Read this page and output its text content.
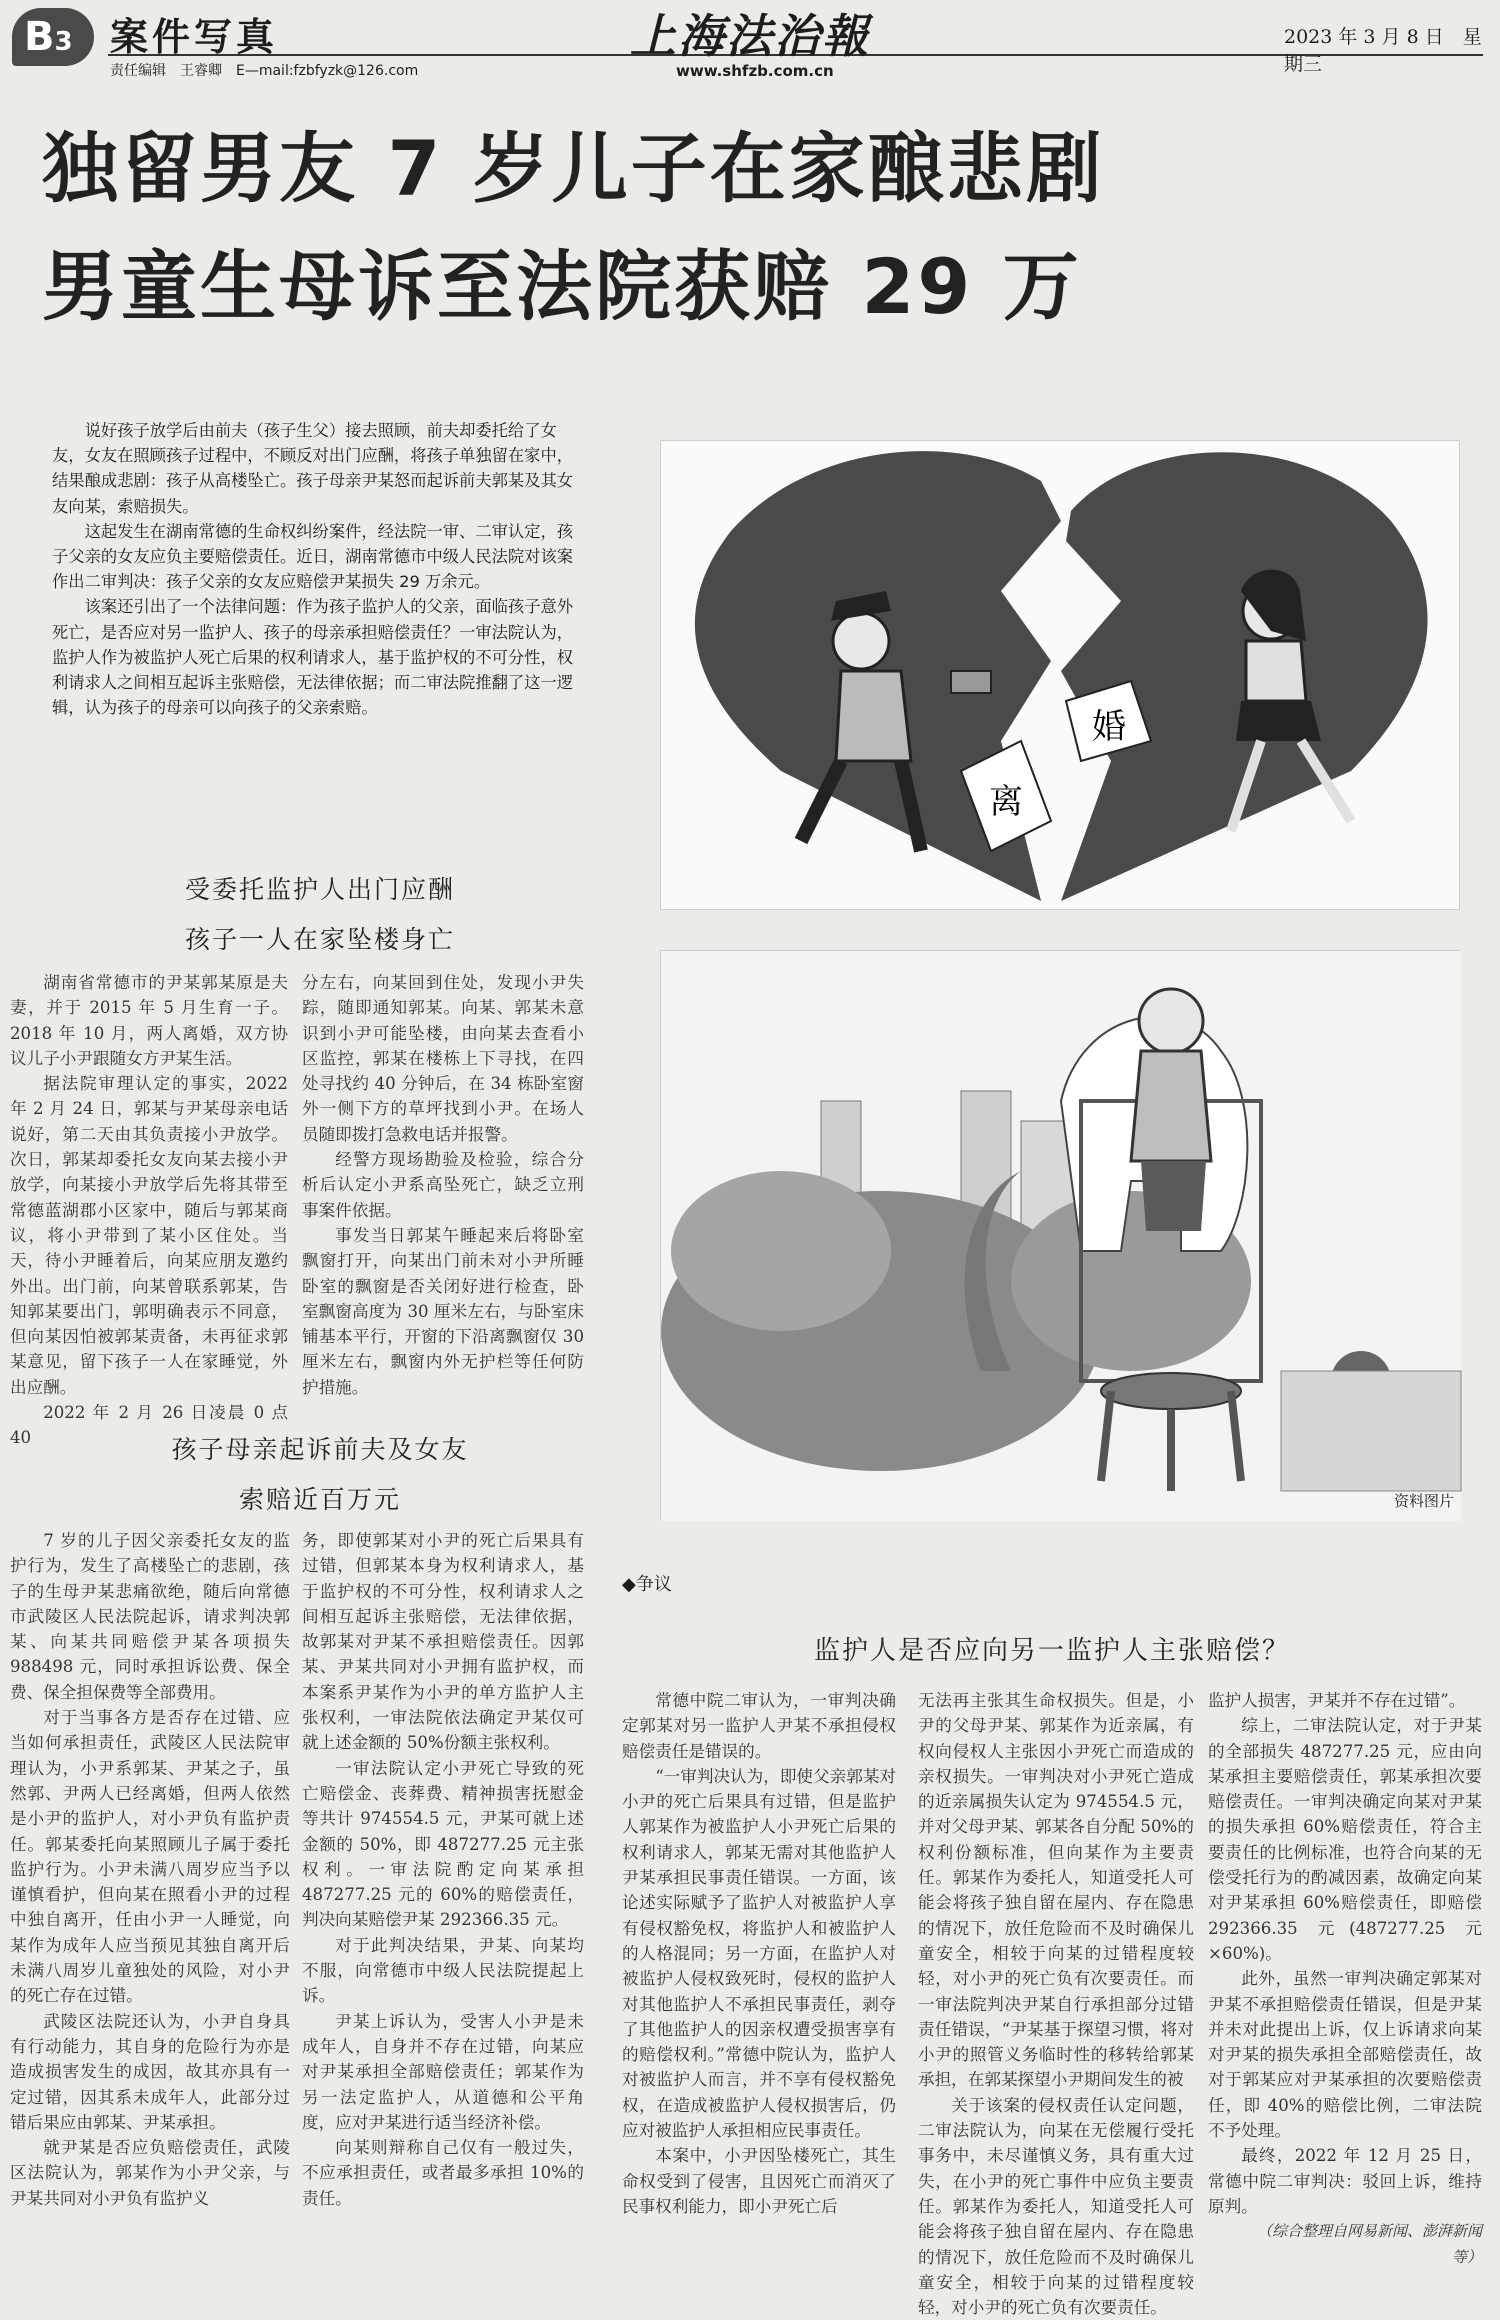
B3 案件写真
责任编辑　王睿卿　E—mail:fzbfyzk@126.com
上海法治報
www.shfzb.com.cn
2023 年 3 月 8 日　星期三
独留男友 7 岁儿子在家酿悲剧
男童生母诉至法院获赔 29 万

说好孩子放学后由前夫（孩子生父）接去照顾，前夫却委托给了女友，女友在照顾孩子过程中，不顾反对出门应酬，将孩子单独留在家中，结果酿成悲剧：孩子从高楼坠亡。孩子母亲尹某怒而起诉前夫郭某及其女友向某，索赔损失。

这起发生在湖南常德的生命权纠纷案件，经法院一审、二审认定，孩子父亲的女友应负主要赔偿责任。近日，湖南常德市中级人民法院对该案作出二审判决：孩子父亲的女友应赔偿尹某损失 29 万余元。

该案还引出了一个法律问题：作为孩子监护人的父亲，面临孩子意外死亡，是否应对另一监护人、孩子的母亲承担赔偿责任？一审法院认为，监护人作为被监护人死亡后果的权利请求人，基于监护权的不可分性，权利请求人之间相互起诉主张赔偿，无法律依据；而二审法院推翻了这一逻辑，认为孩子的母亲可以向孩子的父亲索赔。

受委托监护人出门应酬
孩子一人在家坠楼身亡

湖南省常德市的尹某郭某原是夫妻，并于 2015 年 5 月生育一子。2018 年 10 月，两人离婚，双方协议儿子小尹跟随女方尹某生活。

据法院审理认定的事实，2022 年 2 月 24 日，郭某与尹某母亲电话说好，第二天由其负责接小尹放学。次日，郭某却委托女友向某去接小尹放学，向某接小尹放学后先将其带至常德蓝湖郡小区家中，随后与郭某商议，将小尹带到了某小区住处。当天，待小尹睡着后，向某应朋友邀约外出。出门前，向某曾联系郭某，告知郭某要出门，郭明确表示不同意，但向某因怕被郭某责备，未再征求郭某意见，留下孩子一人在家睡觉，外出应酬。

2022 年 2 月 26 日凌晨 0 点 40

分左右，向某回到住处，发现小尹失踪，随即通知郭某。向某、郭某未意识到小尹可能坠楼，由向某去查看小区监控，郭某在楼栋上下寻找，在四处寻找约 40 分钟后，在 34 栋卧室窗外一侧下方的草坪找到小尹。在场人员随即拨打急救电话并报警。

经警方现场勘验及检验，综合分析后认定小尹系高坠死亡，缺乏立刑事案件依据。

事发当日郭某午睡起来后将卧室飘窗打开，向某出门前未对小尹所睡卧室的飘窗是否关闭好进行检查，卧室飘窗高度为 30 厘米左右，与卧室床铺基本平行，开窗的下沿离飘窗仅 30 厘米左右，飘窗内外无护栏等任何防护措施。

孩子母亲起诉前夫及女友
索赔近百万元

7 岁的儿子因父亲委托女友的监护行为，发生了高楼坠亡的悲剧，孩子的生母尹某悲痛欲绝，随后向常德市武陵区人民法院起诉，请求判决郭某、向某共同赔偿尹某各项损失 988498 元，同时承担诉讼费、保全费、保全担保费等全部费用。

对于当事各方是否存在过错、应当如何承担责任，武陵区人民法院审理认为，小尹系郭某、尹某之子，虽然郭、尹两人已经离婚，但两人依然是小尹的监护人，对小尹负有监护责任。郭某委托向某照顾儿子属于委托监护行为。小尹未满八周岁应当予以谨慎看护，但向某在照看小尹的过程中独自离开，任由小尹一人睡觉，向某作为成年人应当预见其独自离开后未满八周岁儿童独处的风险，对小尹的死亡存在过错。

武陵区法院还认为，小尹自身具有行动能力，其自身的危险行为亦是造成损害发生的成因，故其亦具有一定过错，因其系未成年人，此部分过错后果应由郭某、尹某承担。

就尹某是否应负赔偿责任，武陵区法院认为，郭某作为小尹父亲，与尹某共同对小尹负有监护义

务，即使郭某对小尹的死亡后果具有过错，但郭某本身为权利请求人，基于监护权的不可分性，权利请求人之间相互起诉主张赔偿，无法律依据，故郭某对尹某不承担赔偿责任。因郭某、尹某共同对小尹拥有监护权，而本案系尹某作为小尹的单方监护人主张权利，一审法院依法确定尹某仅可就上述金额的 50%份额主张权利。

一审法院认定小尹死亡导致的死亡赔偿金、丧葬费、精神损害抚慰金等共计 974554.5 元，尹某可就上述金额的 50%，即 487277.25 元主张权利。一审法院酌定向某承担 487277.25 元的 60%的赔偿责任，判决向某赔偿尹某 292366.35 元。

对于此判决结果，尹某、向某均不服，向常德市中级人民法院提起上诉。

尹某上诉认为，受害人小尹是未成年人，自身并不存在过错，向某应对尹某承担全部赔偿责任；郭某作为另一法定监护人，从道德和公平角度，应对尹某进行适当经济补偿。

向某则辩称自己仅有一般过失，不应承担责任，或者最多承担 10%的责任。

离
婚
资料图片
◆争议
监护人是否应向另一监护人主张赔偿？

常德中院二审认为，一审判决确定郭某对另一监护人尹某不承担侵权赔偿责任是错误的。

“一审判决认为，即使父亲郭某对小尹的死亡后果具有过错，但是监护人郭某作为被监护人小尹死亡后果的权利请求人，郭某无需对其他监护人尹某承担民事责任错误。一方面，该论述实际赋予了监护人对被监护人享有侵权豁免权，将监护人和被监护人的人格混同；另一方面，在监护人对被监护人侵权致死时，侵权的监护人对其他监护人不承担民事责任，剥夺了其他监护人的因亲权遭受损害享有的赔偿权利。”常德中院认为，监护人对被监护人而言，并不享有侵权豁免权，在造成被监护人侵权损害后，仍应对被监护人承担相应民事责任。

本案中，小尹因坠楼死亡，其生命权受到了侵害，且因死亡而消灭了民事权利能力，即小尹死亡后

无法再主张其生命权损失。但是，小尹的父母尹某、郭某作为近亲属，有权向侵权人主张因小尹死亡而造成的亲权损失。一审判决对小尹死亡造成的近亲属损失认定为 974554.5 元，并对父母尹某、郭某各自分配 50%的权利份额标准，但向某作为主要责任。郭某作为委托人，知道受托人可能会将孩子独自留在屋内、存在隐患的情况下，放任危险而不及时确保儿童安全，相较于向某的过错程度较轻，对小尹的死亡负有次要责任。而一审法院判决尹某自行承担部分过错责任错误，“尹某基于探望习惯，将对小尹的照管义务临时性的移转给郭某承担，在郭某探望小尹期间发生的被

关于该案的侵权责任认定问题，二审法院认为，向某在无偿履行受托事务中，未尽谨慎义务，具有重大过失，在小尹的死亡事件中应负主要责任。郭某作为委托人，知道受托人可能会将孩子独自留在屋内、存在隐患的情况下，放任危险而不及时确保儿童安全，相较于向某的过错程度较轻，对小尹的死亡负有次要责任。

监护人损害，尹某并不存在过错”。

综上，二审法院认定，对于尹某的全部损失 487277.25 元，应由向某承担主要赔偿责任，郭某承担次要赔偿责任。一审判决确定向某对尹某的损失承担 60%赔偿责任，符合主要责任的比例标准，也符合向某的无偿受托行为的酌减因素，故确定向某对尹某承担 60%赔偿责任，即赔偿 292366.35 元(487277.25 元×60%)。

此外，虽然一审判决确定郭某对尹某不承担赔偿责任错误，但是尹某并未对此提出上诉，仅上诉请求向某对尹某的损失承担全部赔偿责任，故对于郭某应对尹某承担的次要赔偿责任，即 40%的赔偿比例，二审法院不予处理。

最终，2022 年 12 月 25 日，常德中院二审判决：驳回上诉，维持原判。

（综合整理自网易新闻、澎湃新闻等）
